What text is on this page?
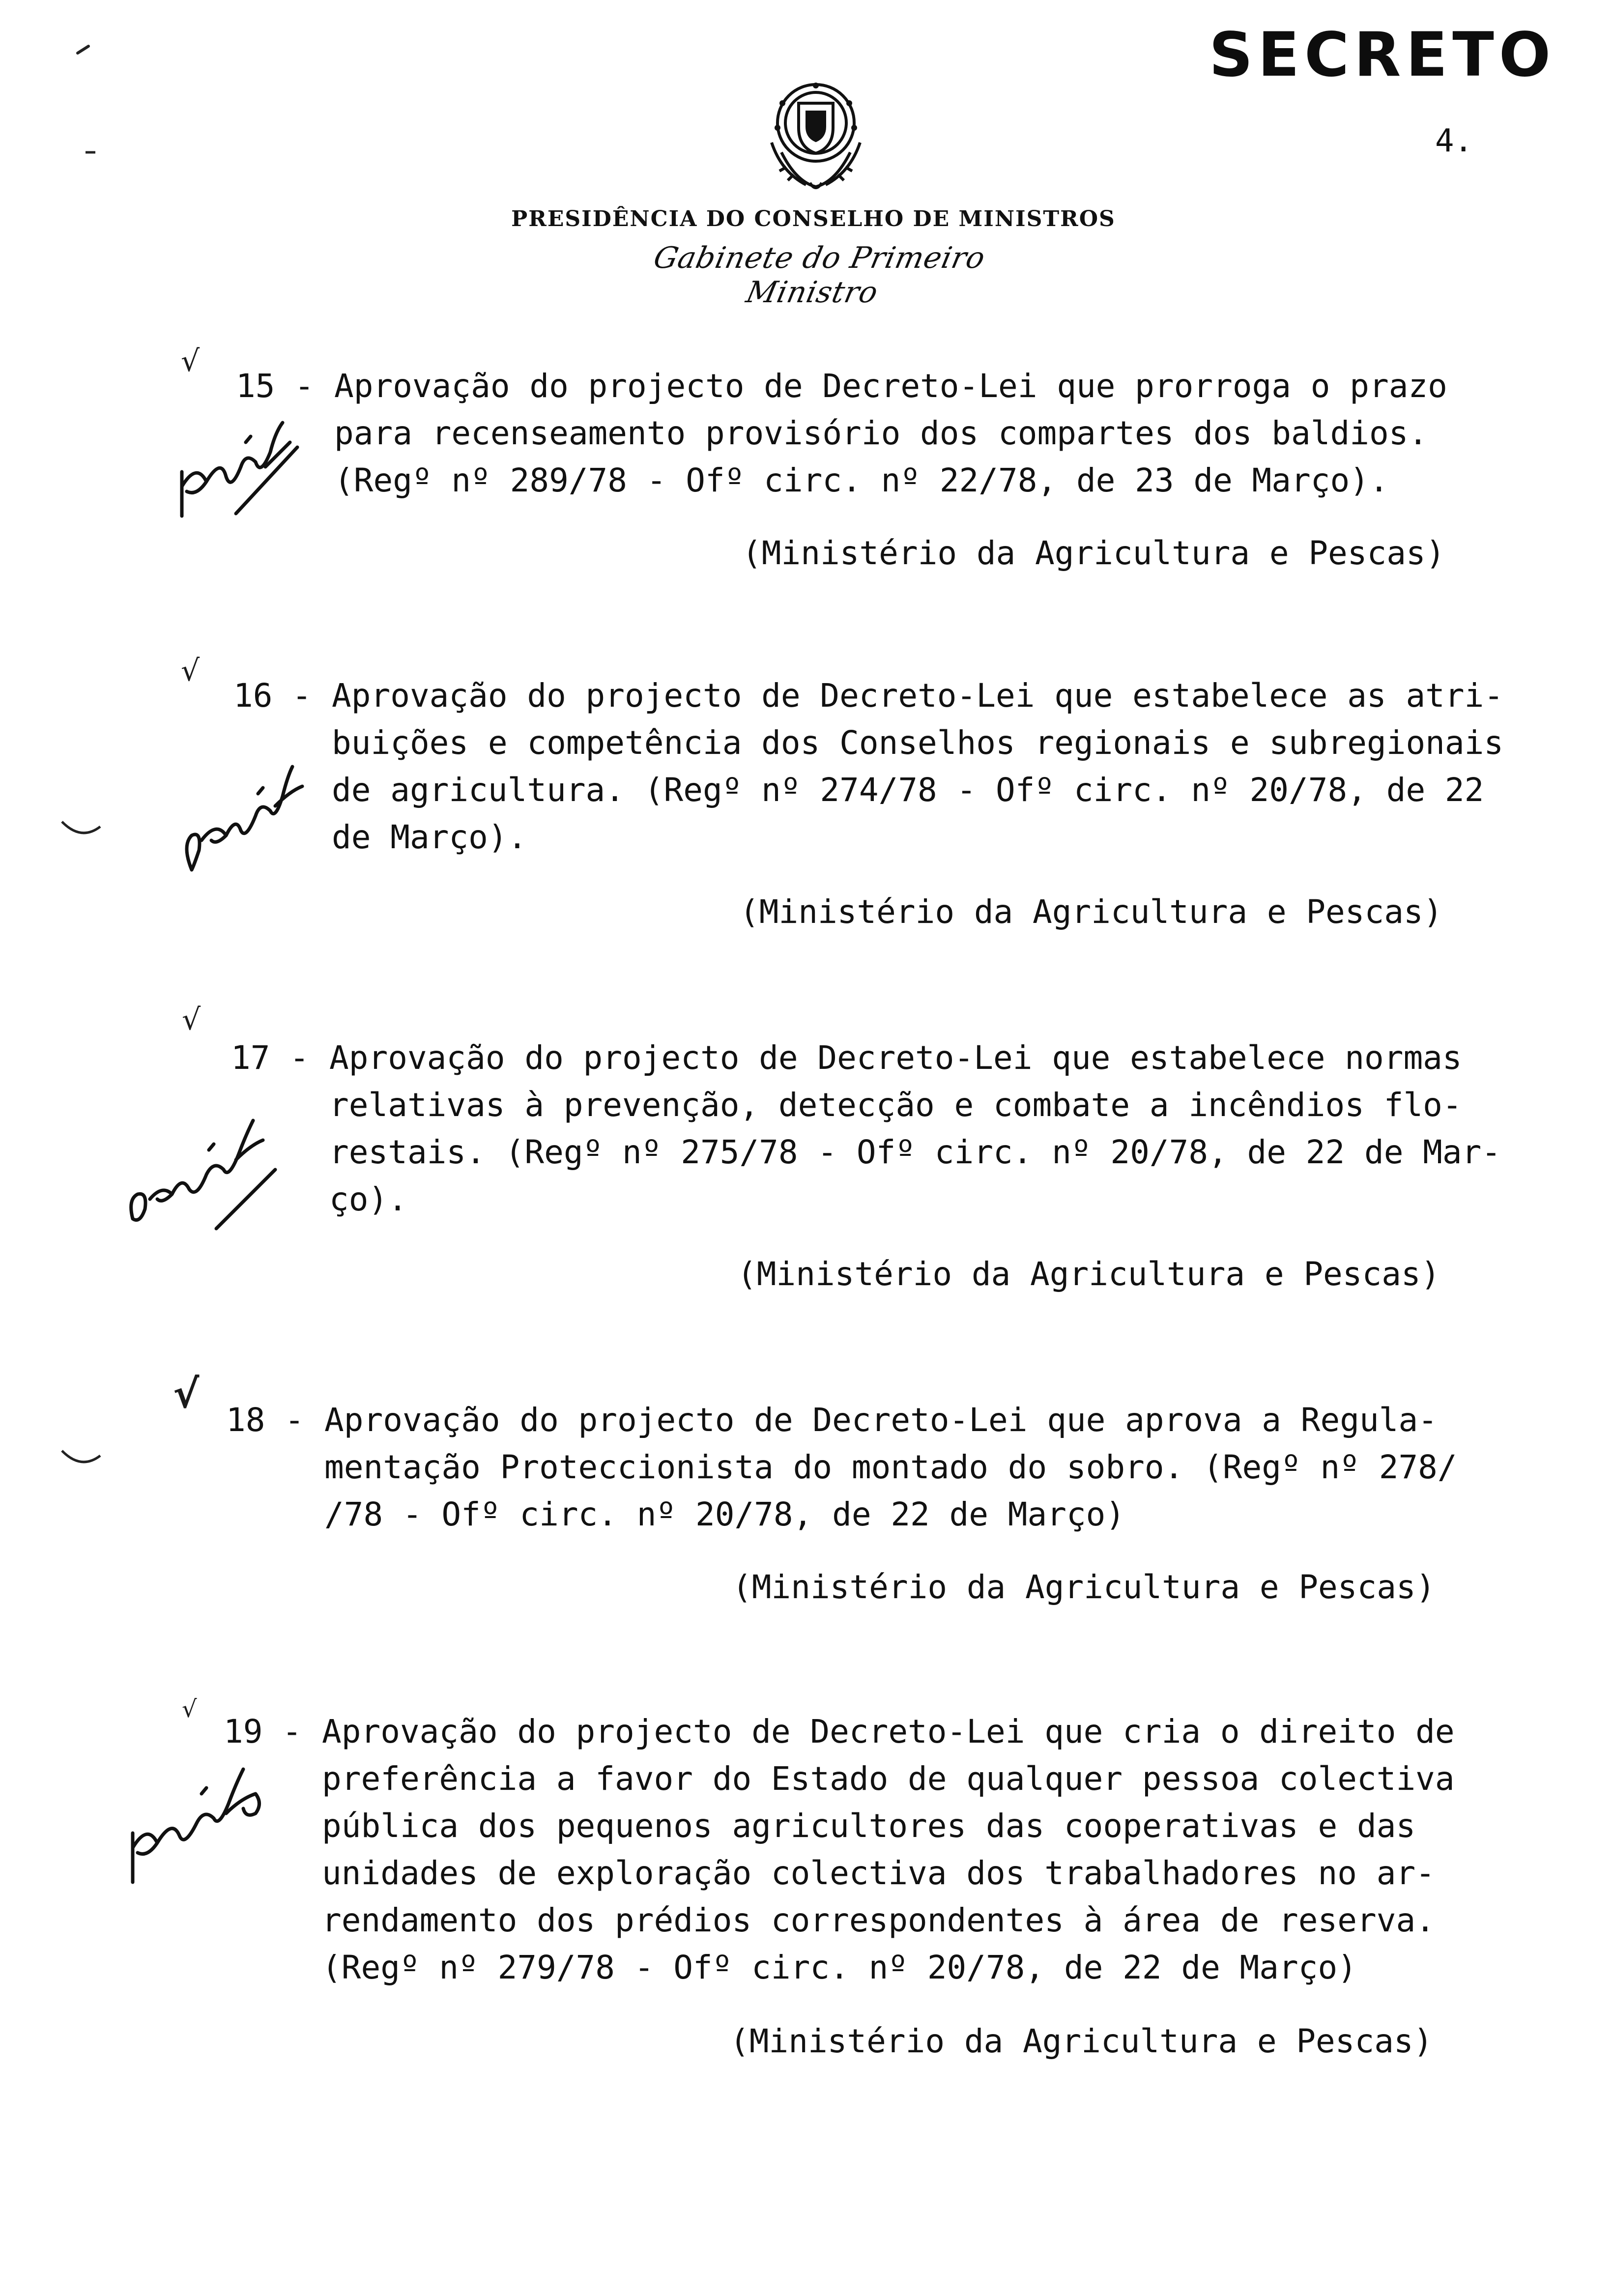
SECRETO
4.
PRESIDÊNCIA DO CONSELHO DE MINISTROS
Gabinete do Primeiro Ministro
√
15 - Aprovação do projecto de Decreto-Lei que prorroga o prazo
para recenseamento provisório dos compartes dos baldios.
(Regº nº 289/78 - Ofº circ. nº 22/78, de 23 de Março).
(Ministério da Agricultura e Pescas)
√
16 - Aprovação do projecto de Decreto-Lei que estabelece as atri-
buições e competência dos Conselhos regionais e subregionais
de agricultura. (Regº nº 274/78 - Ofº circ. nº 20/78, de 22
de Março).
(Ministério da Agricultura e Pescas)
√
17 - Aprovação do projecto de Decreto-Lei que estabelece normas
relativas à prevenção, detecção e combate a incêndios flo-
restais. (Regº nº 275/78 - Ofº circ. nº 20/78, de 22 de Mar-
ço).
(Ministério da Agricultura e Pescas)
√
18 - Aprovação do projecto de Decreto-Lei que aprova a Regula-
mentação Proteccionista do montado do sobro. (Regº nº 278/
/78 - Ofº circ. nº 20/78, de 22 de Março)
(Ministério da Agricultura e Pescas)
√
19 - Aprovação do projecto de Decreto-Lei que cria o direito de
preferência a favor do Estado de qualquer pessoa colectiva
pública dos pequenos agricultores das cooperativas e das
unidades de exploração colectiva dos trabalhadores no ar-
rendamento dos prédios correspondentes à área de reserva.
(Regº nº 279/78 - Ofº circ. nº 20/78, de 22 de Março)
(Ministério da Agricultura e Pescas)
